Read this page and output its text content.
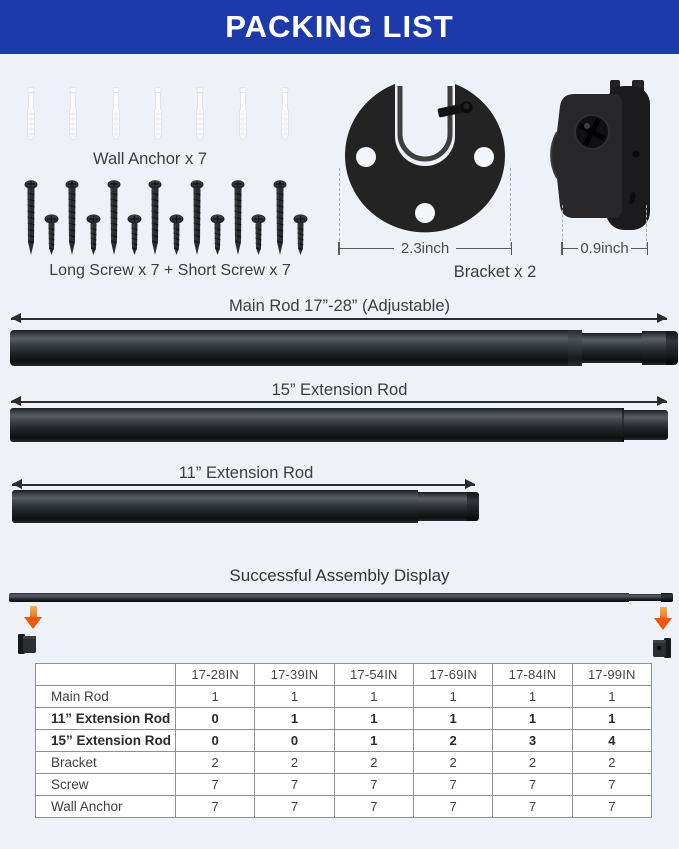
PACKING LIST
Wall Anchor x 7
Long Screw x 7 + Short Screw x 7
2.3inch	0.9inch
Bracket x 2
Main Rod 17”-28” (Adjustable)
15” Extension Rod
11” Extension Rod
Successful Assembly Display
	17-28IN	17-39IN	17-54IN	17-69IN	17-84IN	17-99IN
Main Rod	1	1	1	1	1	1
11” Extension Rod	0	1	1	1	1	1
15” Extension Rod	0	0	1	2	3	4
Bracket	2	2	2	2	2	2
Screw	7	7	7	7	7	7
Wall Anchor	7	7	7	7	7	7
